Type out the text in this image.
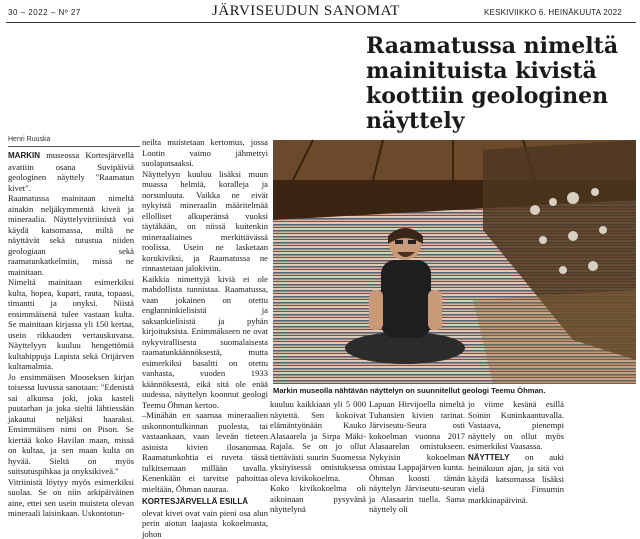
30 – 2022 – Nº 27	JÄRVISEUDUN SANOMAT	KESKIVIIKKO 6. HEINÄKUUTA 2022
Raamatussa nimeltä
mainituista kivistä
koottiin geologinen
näyttely
Henri Ruuska

MARKIN museossa Kortesjärvellä avattiin osana Suvipäiviä geologinen näyttely "Raamatun kivet".

Raamatussa mainitaan nimeltä ainakin neljäkymmentä kiveä ja mineraalia. Näyttelyvitriinistä voi käydä katsomassa, miltä ne näyttävät sekä tutustua niiden geologiaan sekä raamatunkatkelmiin, missä ne mainitaan.

Nimeltä mainitaan esimerkiksi kulta, hopea, kupari, rauta, topaasi, timantti ja onyksi. Niistä ensimmäisenä tulee vastaan kulta. Se mainitaan kirjassa yli 150 kertaa, usein rikkauden vertauskuvana. Näyttelyyn kuuluu hengettömiä kultahippuja Lapista sekä Orijärven kultamalmia.

Jo ensimmäisen Mooseksen kirjan toisessa luvussa sanotaan: "Edenistä sai alkunsa joki, joka kasteli puutarhan ja joka sieltä lähtiessään jakautui neljäksi haaraksi. Ensimmäisen nimi on Pison. Se kiertää koko Havilan maan, missä on kultaa, ja sen maan kulta on hyvää. Sieltä on myös suitsutuspihkaa ja onyksikiveä."

Vitriinistä löytyy myös esimerkiksi suolaa. Se on niin arkipäiväinen aine, ettei sen usein muisteta olevan mineraali laisinkaan. Uskontotun-

neilta muistetaan kertomus, jossa Lootin vaimo jähmettyi suolapatsaaksi.

Näyttelyyn kuuluu lisäksi muun muassa helmiä, koralleja ja norsunluuta. Vaikka ne eivät nykyistä mineraalin määritelmää ellolliset alkuperänsä vuoksi täytäkään, on niissä kuitenkin mineraaliaines merkittävässä roolissa. Usein ne lasketaan korukiviksi, ja Raamatussa ne rinnastetaan jalokiviin.

Kaikkia nimettyjä kiviä ei ole mahdollista tunnistaa. Raamatussa, vaan jokainen on otettu englanninkielisistä ja saksankielisistä ja pyhän kirjoituksista. Enimmäkseen ne ovat nykyvirallisesta suomalaisesta raamatunkäännöksestä, mutta esimerkiksi basaltti on otettu vanhasta, vuoden 1933 käännöksestä, eikä sitä ole enää uudessa, näyttelyn koonnut geologi Teemu Öhman kertoo.

–Minähän en saarnaa mineraalien uskonnontulkinnan puolesta, tai vastaankaan, vaan leveän tieteen asioista kivien ilosanomaa. Raamatunkohtia ei ruveta tässä tulkitsemaan millään tavalla. Kenenkään ei tarvitse pahoittaa mieltään, Öhman nauraa.

KORTESJÄRVELLÄ ESILLÄ

olevat kivet ovat vain pieni osa alun perin aiotun laajasta kokoelmasta, johon

Markin museolla nähtävän näyttelyn on suunnitellut geologi Teemu Öhman.

kuuluu kaikkiaan yli 5 000 näytettä. Sen kokoivat elämäntyönään Kauko Alasaarela ja Sirpa Mäki-Rajala. Se on jo ollut tiettävästi suurin Suomessa yksityisessä omistuksessa oleva kivikokoelma.

Koko kivikokoelma oli aikoinaan pysyvänä näyttelynä

Lapuan Hirvijoella nimeltä Tuhansien kivien tarinat. Järviseutu-Seura osti kokoelman vuonna 2017 Alasaarelan omistukseen. Nykyisin kokoelman omistaa Lappajärven kunta.

Öhman koosti tämän näyttelyn Järviseutu-seuran ja Alasaarin tuella. Sama näyttely oli

jo viime kesänä esillä Soinin Kuninkaantuvalla. Vastaava, pienempi näyttely on ollut myös esimerkiksi Vaasassa.

NÄYTTELY on auki heinäkuun ajan, ja sitä voi käydä katsomassa lisäksi vielä Finsumin markkinapäivinä.
